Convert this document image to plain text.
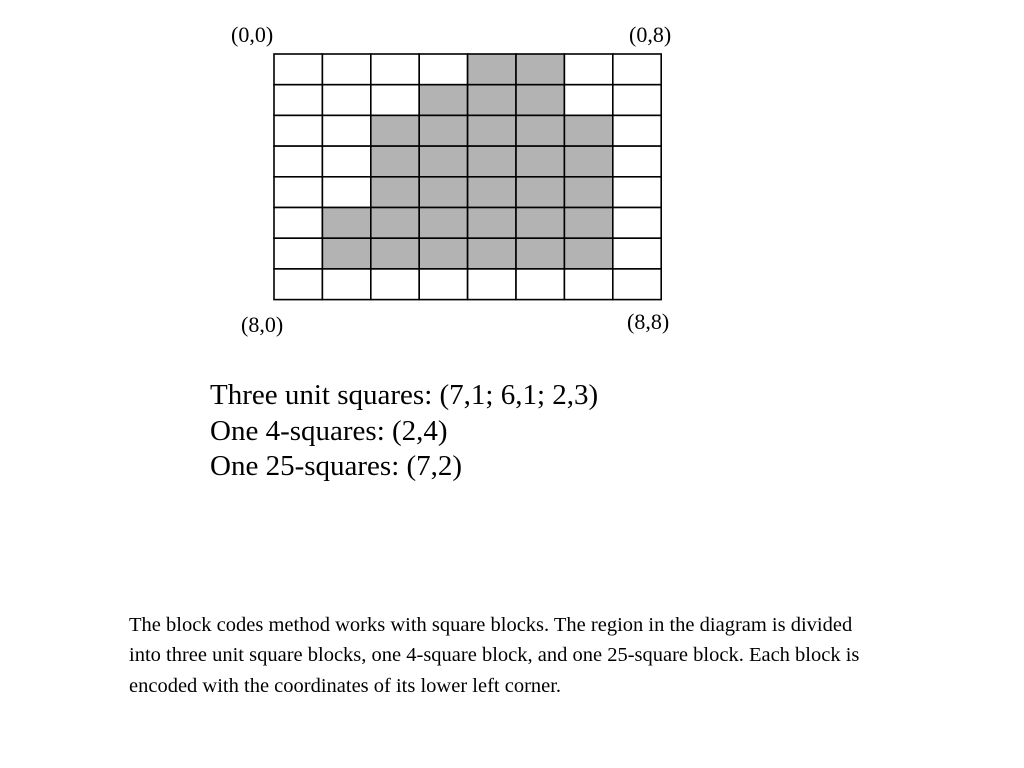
(0,0)	(0,8)
(8,0)	(8,8)
Three unit squares: (7,1; 6,1; 2,3)
One 4-squares: (2,4)
One 25-squares: (7,2)

The block codes method works with square blocks. The region in the diagram is divided into three unit square blocks, one 4-square block, and one 25-square block. Each block is encoded with the coordinates of its lower left corner.
